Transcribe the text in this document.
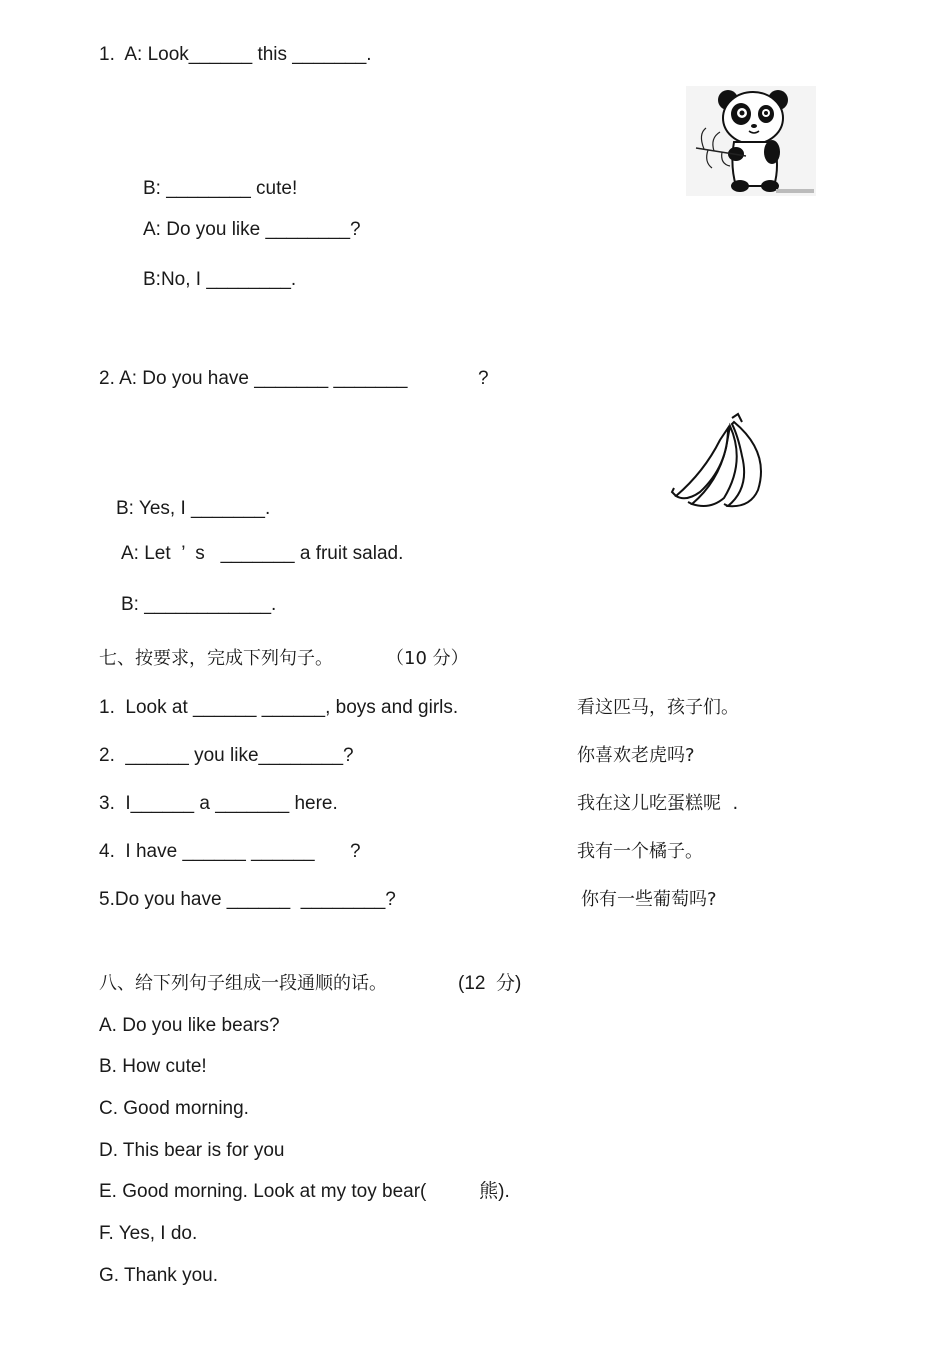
1.  A: Look______ this _______.
B: ________ cute!
A: Do you like ________?
B:No, I ________.
2. A: Do you have _______ _______	?
B: Yes, I _______.
A: Let  ’  s   _______ a fruit salad.
B: ____________.
七、按要求，完成下列句子。	（10 分）
1.  Look at ______ ______, boys and girls.	看这匹马，孩子们。
2.  ______ you like________?	你喜欢老虎吗?
3.  I______ a _______ here.	我在这儿吃蛋糕呢  .
4.  I have ______ ______ ?	我有一个橘子。
5.Do you have ______  ________?	你有一些葡萄吗?
八、给下列句子组成一段通顺的话。	(12  分)
A. Do you like bears?
B. How cute!
C. Good morning.
D. This bear is for you
E. Good morning. Look at my toy bear(          熊).
F. Yes, I do.
G. Thank you.
